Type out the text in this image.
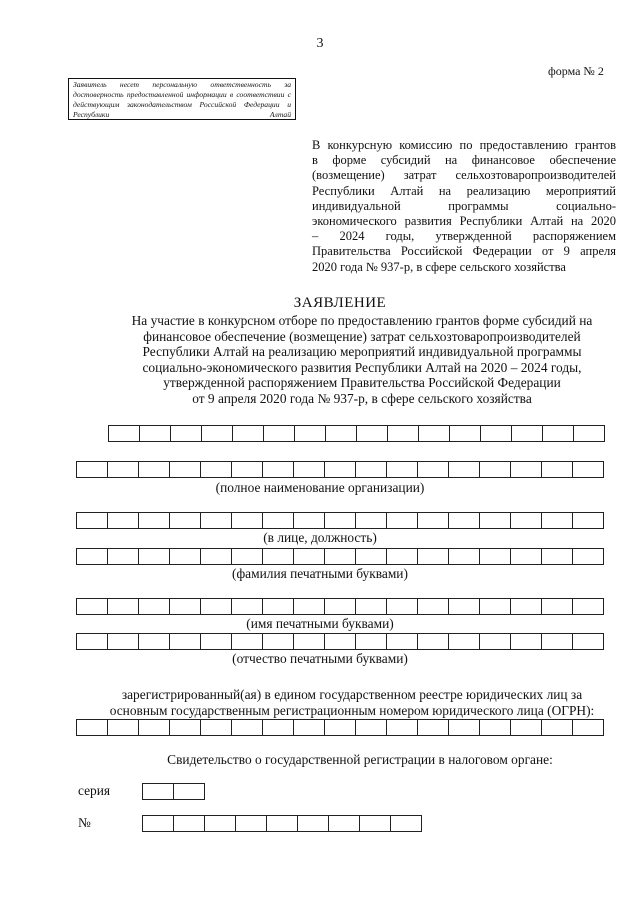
3
форма № 2
Заявитель несет персональную ответственность за достоверность предоставленной информации в соответствии с действующим законодательством Российской Федерации и Республики Алтай
В конкурсную комиссию по предоставлению грантов
в форме субсидий на финансовое обеспечение
(возмещение) затрат сельхозтоваропроизводителей
Республики Алтай на реализацию мероприятий
индивидуальной программы социально-
экономического развития Республики Алтай на 2020
– 2024 годы, утвержденной распоряжением
Правительства Российской Федерации от 9 апреля
2020 года № 937-р, в сфере сельского хозяйства
ЗАЯВЛЕНИЕ
На участие в конкурсном отборе по предоставлению грантов форме субсидий на
финансовое обеспечение (возмещение) затрат сельхозтоваропроизводителей
Республики Алтай на реализацию мероприятий индивидуальной программы
социально-экономического развития Республики Алтай на 2020 – 2024 годы,
утвержденной распоряжением Правительства Российской Федерации
от 9 апреля 2020 года № 937-р, в сфере сельского хозяйства
(полное наименование организации)
(в лице, должность)
(фамилия печатными буквами)
(имя печатными буквами)
(отчество печатными буквами)
зарегистрированный(ая) в едином государственном реестре юридических лиц за
основным государственным регистрационным номером юридического лица (ОГРН):
Свидетельство о государственной регистрации в налоговом органе:
серия
№
